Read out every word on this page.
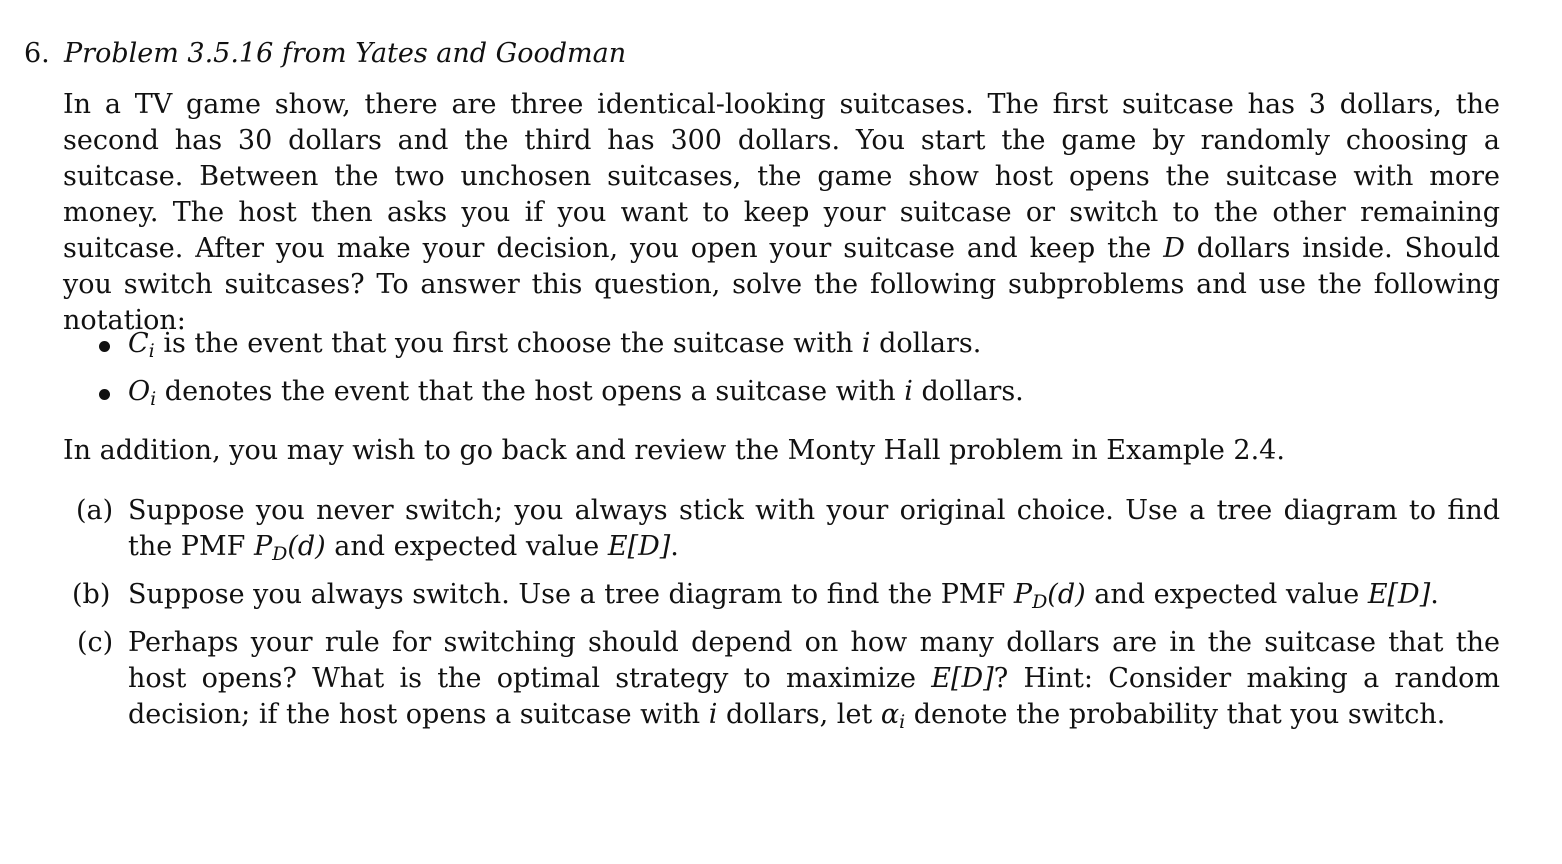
6. Problem 3.5.16 from Yates and Goodman
In a TV game show, there are three identical-looking suitcases. The first suitcase has 3 dollars, the second has 30 dollars and the third has 300 dollars. You start the game by randomly choosing a suitcase. Between the two unchosen suitcases, the game show host opens the suitcase with more money. The host then asks you if you want to keep your suitcase or switch to the other remaining suitcase. After you make your decision, you open your suitcase and keep the D dollars inside. Should you switch suitcases? To answer this question, solve the following subproblems and use the following notation:
Ci is the event that you first choose the suitcase with i dollars.
Oi denotes the event that the host opens a suitcase with i dollars.
In addition, you may wish to go back and review the Monty Hall problem in Example 2.4.
(a) Suppose you never switch; you always stick with your original choice. Use a tree diagram to find the PMF PD(d) and expected value E[D].
(b) Suppose you always switch. Use a tree diagram to find the PMF PD(d) and expected value E[D].
(c) Perhaps your rule for switching should depend on how many dollars are in the suitcase that the host opens? What is the optimal strategy to maximize E[D]? Hint: Consider making a random decision; if the host opens a suitcase with i dollars, let αi denote the probability that you switch.
